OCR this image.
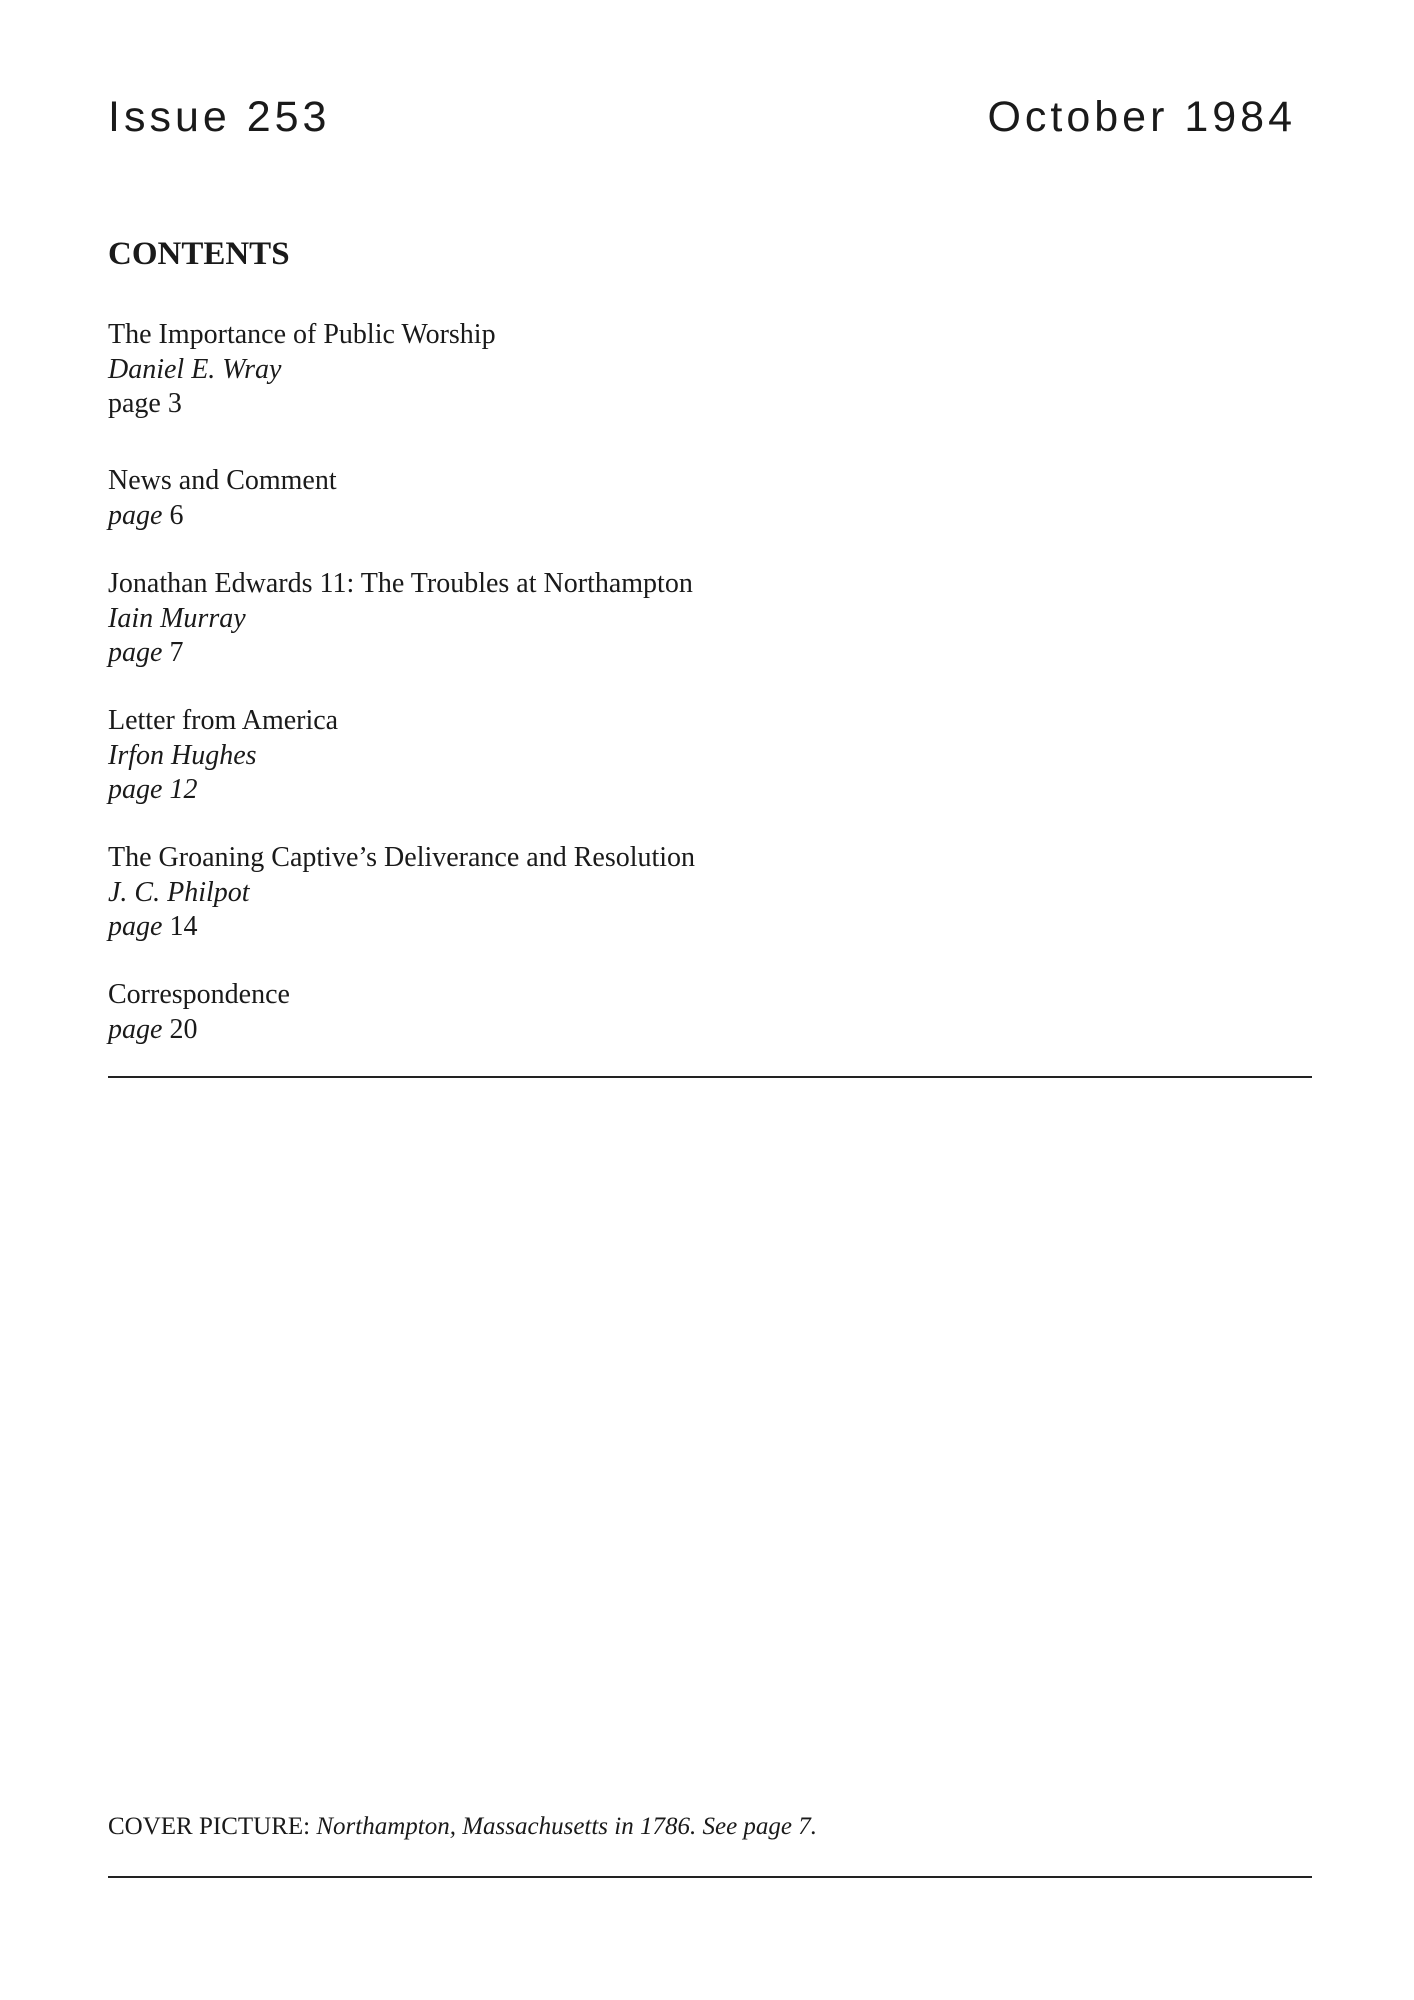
Issue 253	October 1984
CONTENTS
The Importance of Public Worship
Daniel E. Wray
page 3
News and Comment
page 6
Jonathan Edwards 11: The Troubles at Northampton
Iain Murray
page 7
Letter from America
Irfon Hughes
page 12
The Groaning Captive’s Deliverance and Resolution
J. C. Philpot
page 14
Correspondence
page 20
COVER PICTURE: Northampton, Massachusetts in 1786. See page 7.
